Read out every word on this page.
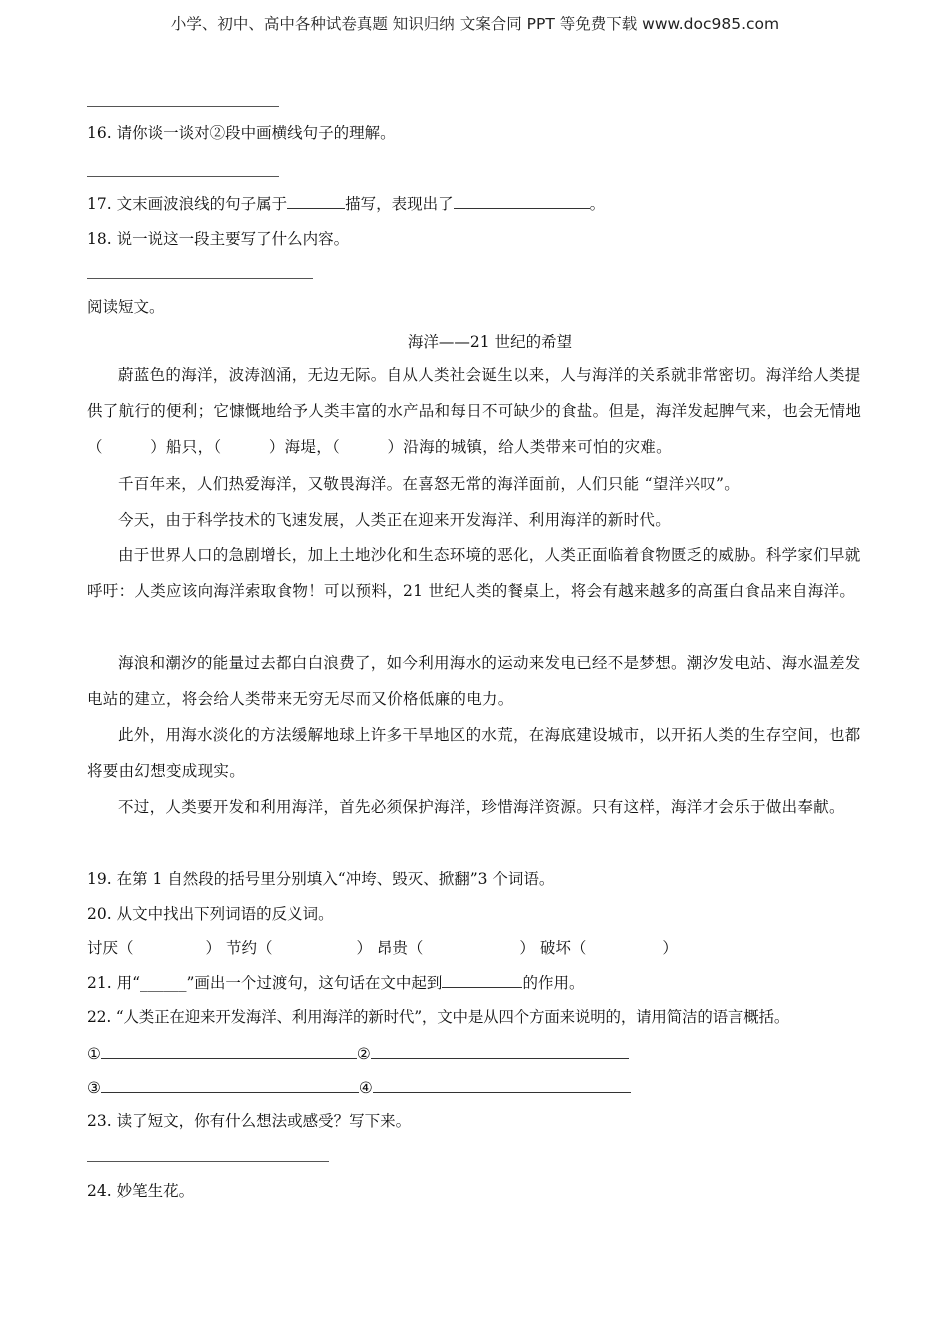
小学、初中、高中各种试卷真题 知识归纳 文案合同 PPT 等免费下载 www.doc985.com
16. 请你谈一谈对②段中画横线句子的理解。
17. 文末画波浪线的句子属于	描写，表现出了	。
18. 说一说这一段主要写了什么内容。
阅读短文。
海洋——21 世纪的希望

蔚蓝色的海洋，波涛汹涌，无边无际。自从人类社会诞生以来，人与海洋的关系就非常密切。海洋给人类提供了航行的便利；它慷慨地给予人类丰富的水产品和每日不可缺少的食盐。但是，海洋发起脾气来，也会无情地（　　　）船只，（　　　）海堤，（　　　）沿海的城镇，给人类带来可怕的灾难。

千百年来，人们热爱海洋，又敬畏海洋。在喜怒无常的海洋面前，人们只能 “望洋兴叹”。

今天，由于科学技术的飞速发展，人类正在迎来开发海洋、利用海洋的新时代。

由于世界人口的急剧增长，加上土地沙化和生态环境的恶化，人类正面临着食物匮乏的威胁。科学家们早就呼吁：人类应该向海洋索取食物！可以预料，21 世纪人类的餐桌上，将会有越来越多的高蛋白食品来自海洋。

海浪和潮汐的能量过去都白白浪费了，如今利用海水的运动来发电已经不是梦想。潮汐发电站、海水温差发电站的建立，将会给人类带来无穷无尽而又价格低廉的电力。

此外，用海水淡化的方法缓解地球上许多干旱地区的水荒，在海底建设城市，以开拓人类的生存空间，也都将要由幻想变成现实。

不过，人类要开发和利用海洋，首先必须保护海洋，珍惜海洋资源。只有这样，海洋才会乐于做出奉献。

19. 在第 1 自然段的括号里分别填入“冲垮、毁灭、掀翻”3 个词语。
20. 从文中找出下列词语的反义词。
讨厌（	） 节约（	） 昂贵（	） 破坏（	）
21. 用“______”画出一个过渡句，这句话在文中起到	的作用。
22. “人类正在迎来开发海洋、利用海洋的新时代”，文中是从四个方面来说明的，请用简洁的语言概括。
①	②
③	④
23. 读了短文，你有什么想法或感受？写下来。
24. 妙笔生花。
